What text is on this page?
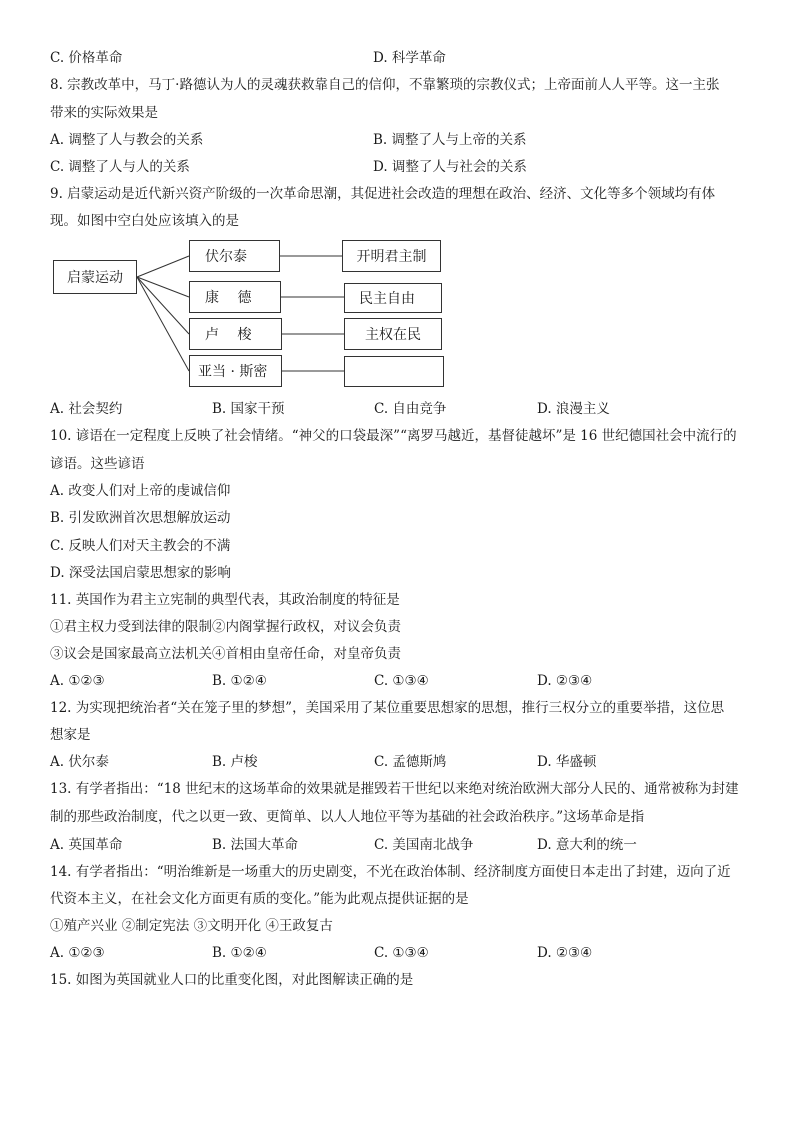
C. 价格革命	D. 科学革命
8. 宗教改革中，马丁·路德认为人的灵魂获救靠自己的信仰，不靠繁琐的宗教仪式；上帝面前人人平等。这一主张
带来的实际效果是
A. 调整了人与教会的关系	B. 调整了人与上帝的关系
C. 调整了人与人的关系	D. 调整了人与社会的关系
9. 启蒙运动是近代新兴资产阶级的一次革命思潮，其促进社会改造的理想在政治、经济、文化等多个领域均有体
现。如图中空白处应该填入的是
启蒙运动
伏尔泰
康　 德
卢　 梭
亚当 · 斯密
开明君主制
民主自由
主权在民
A. 社会契约	B. 国家干预	C. 自由竞争	D. 浪漫主义
10. 谚语在一定程度上反映了社会情绪。“神父的口袋最深”“离罗马越近，基督徒越坏”是 16 世纪德国社会中流行的
谚语。这些谚语
A. 改变人们对上帝的虔诚信仰
B. 引发欧洲首次思想解放运动
C. 反映人们对天主教会的不满
D. 深受法国启蒙思想家的影响
11. 英国作为君主立宪制的典型代表，其政治制度的特征是
①君主权力受到法律的限制②内阁掌握行政权，对议会负责
③议会是国家最高立法机关④首相由皇帝任命，对皇帝负责
A. ①②③	B. ①②④	C. ①③④	D. ②③④
12. 为实现把统治者“关在笼子里的梦想”，美国采用了某位重要思想家的思想，推行三权分立的重要举措，这位思
想家是
A. 伏尔泰	B. 卢梭	C. 孟德斯鸠	D. 华盛顿
13. 有学者指出：“18 世纪末的这场革命的效果就是摧毁若干世纪以来绝对统治欧洲大部分人民的、通常被称为封建
制的那些政治制度，代之以更一致、更简单、以人人地位平等为基础的社会政治秩序。”这场革命是指
A. 英国革命	B. 法国大革命	C. 美国南北战争	D. 意大利的统一
14. 有学者指出：“明治维新是一场重大的历史剧变，不光在政治体制、经济制度方面使日本走出了封建，迈向了近
代资本主义，在社会文化方面更有质的变化。”能为此观点提供证据的是
①殖产兴业 ②制定宪法 ③文明开化 ④王政复古
A. ①②③	B. ①②④	C. ①③④	D. ②③④
15. 如图为英国就业人口的比重变化图，对此图解读正确的是
